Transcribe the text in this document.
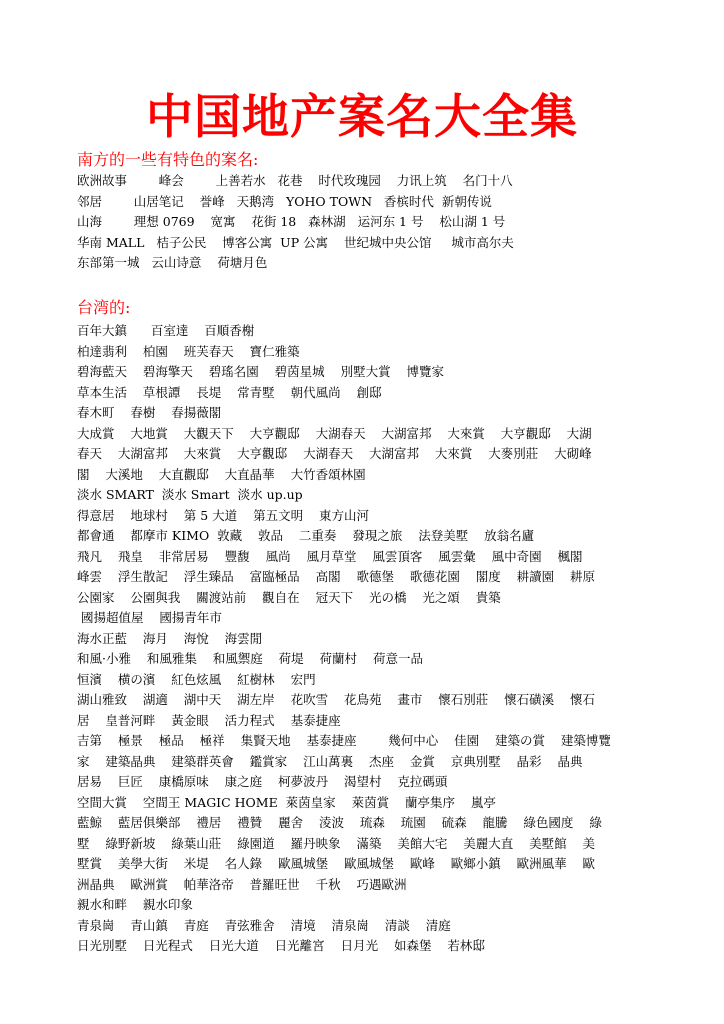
中国地产案名大全集
南方的一些有特色的案名:
欧洲故事        峰会        上善若水   花巷    时代玫瑰园    力讯上筑    名门十八
邻居        山居笔记    誉峰   天鹅湾   YOHO TOWN   香槟时代  新朝传说
山海        理想 0769    宽寓    花街 18   森林湖   运河东 1 号    松山湖 1 号
华南 MALL   桔子公民    博客公寓  UP 公寓    世纪城中央公馆     城市高尔夫
东部第一城   云山诗意    荷塘月色
台湾的:
百年大鎮      百室達    百順香榭
柏達翡利    柏園    班芙春天    寶仁雅築
碧海藍天    碧海擎天    碧瑤名園    碧茵星城    別墅大賞    博覽家
草本生活    草根譚    長堤    常青墅    朝代風尚    創邸
春木町    春樹    春揚薇閣
大成賞    大地賞    大觀天下    大亨觀邸    大湖春天    大湖富邦    大來賞    大亨觀邸    大湖
春天    大湖富邦    大來賞    大亨觀邸    大湖春天    大湖富邦    大來賞    大麥別莊    大砌峰
閣    大溪地    大直觀邸    大直晶華    大竹香頌林園
淡水 SMART  淡水 Smart  淡水 up.up
得意居    地球村    第 5 大道    第五文明    東方山河
都會通    都摩市 KIMO  敦藏    敦品    二重奏    發現之旅    法登美墅    放翁名廬
飛凡    飛皇    非常居易    豐馥    風尚    風月草堂    風雲頂客    風雲彙    風中奇園    楓閣
峰雲    浮生散記    浮生臻品    富臨極品    高閣    歌德堡    歌德花園    閣度    耕讀園    耕原
公園家    公園與我    關渡站前    觀自在    冠天下    光の橋    光之頌    貴築
國揚超值屋    國揚青年市
海水正藍    海月    海悅    海雲閒
和風·小雅    和風雅集    和風禦庭    荷堤    荷蘭村    荷意一品
恒濱    横の濱    紅色炫風    紅樹林    宏門
湖山雅致    湖適    湖中天    湖左岸    花吹雪    花鳥苑    畫市    懷石別莊    懷石磺溪    懷石
居    皇普河畔    黃金眼    活力程式    基泰捷座
吉第    極景    極品    極祥    集賢天地    基泰捷座        幾何中心    佳園    建築の賞    建築博覽
家    建築晶典    建築群英會    鑑賞家    江山萬裏    杰座    金賞    京典別墅    晶彩    晶典
居易    巨匠    康橋原味    康之庭    柯夢波丹    渴望村    克拉碼頭
空間大賞    空間王 MAGIC HOME  萊茵皇家    萊茵賞    蘭亭集序    嵐亭
藍鯨    藍居俱樂部    禮居    禮贊    麗舍    淩波    琉森    琉園    硫森    龍騰    綠色國度    綠
墅    綠野新坡    綠葉山莊    綠園道    羅丹映象    滿築    美館大宅    美麗大直    美墅館    美
墅賞    美學大街    米堤    名人錄    歐風城堡    歐風城堡    歐峰    歐鄉小鎮    歐洲風華    歐
洲晶典    歐洲賞    帕華洛帝    普羅旺世    千秋    巧遇歐洲
親水和畔    親水印象
青泉崗    青山鎮    青庭    青弦雅舍    清境    清泉崗    清談    清庭
日光別墅    日光程式    日光大道    日光離宮    日月光    如森堡    若林邸
